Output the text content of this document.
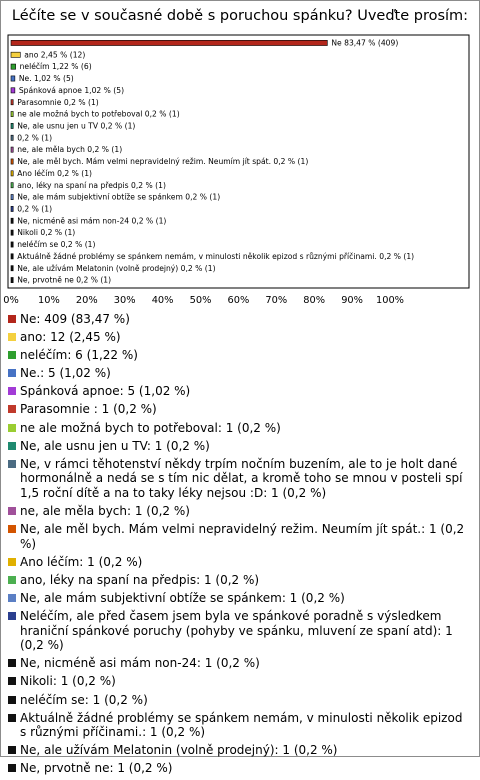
Léčíte se v současné době s poruchou spánku? Uveďte prosím:
Ne 83,47 % (409)
ano 2,45 % (12)
neléčím 1,22 % (6)
Ne. 1,02 % (5)
Spánková apnoe 1,02 % (5)
Parasomnie 0,2 % (1)
ne ale možná bych to potřeboval 0,2 % (1)
Ne, ale usnu jen u TV 0,2 % (1)
0,2 % (1)
ne, ale měla bych 0,2 % (1)
Ne, ale měl bych. Mám velmi nepravidelný režim. Neumím jít spát. 0,2 % (1)
Ano léčím 0,2 % (1)
ano, léky na spaní na předpis 0,2 % (1)
Ne, ale mám subjektivní obtíže se spánkem 0,2 % (1)
0,2 % (1)
Ne, nicméně asi mám non-24 0,2 % (1)
Nikoli 0,2 % (1)
neléčím se 0,2 % (1)
Aktuálně žádné problémy se spánkem nemám, v minulosti několik epizod s různými příčinami. 0,2 % (1)
Ne, ale užívám Melatonin (volně prodejný) 0,2 % (1)
Ne, prvotně ne 0,2 % (1)
0% 10% 20% 30% 40% 50% 60% 70% 80% 90% 100%
Ne: 409 (83,47 %)
ano: 12 (2,45 %)
neléčím: 6 (1,22 %)
Ne.: 5 (1,02 %)
Spánková apnoe: 5 (1,02 %)
Parasomnie : 1 (0,2 %)
ne ale možná bych to potřeboval: 1 (0,2 %)
Ne, ale usnu jen u TV: 1 (0,2 %)
Ne, v rámci těhotenství někdy trpím nočním buzením, ale to je holt dané hormonálně a nedá se s tím nic dělat, a kromě toho se mnou v posteli spí 1,5 roční dítě a na to taky léky nejsou :D: 1 (0,2 %)
ne, ale měla bych: 1 (0,2 %)
Ne, ale měl bych. Mám velmi nepravidelný režim. Neumím jít spát.: 1 (0,2 %)
Ano léčím: 1 (0,2 %)
ano, léky na spaní na předpis: 1 (0,2 %)
Ne, ale mám subjektivní obtíže se spánkem: 1 (0,2 %)
Neléčím, ale před časem jsem byla ve spánkové poradně s výsledkem hraniční spánkové poruchy (pohyby ve spánku, mluvení ze spaní atd): 1 (0,2 %)
Ne, nicméně asi mám non-24: 1 (0,2 %)
Nikoli: 1 (0,2 %)
neléčím se: 1 (0,2 %)
Aktuálně žádné problémy se spánkem nemám, v minulosti několik epizod s různými příčinami.: 1 (0,2 %)
Ne, ale užívám Melatonin (volně prodejný): 1 (0,2 %)
Ne, prvotně ne: 1 (0,2 %)
